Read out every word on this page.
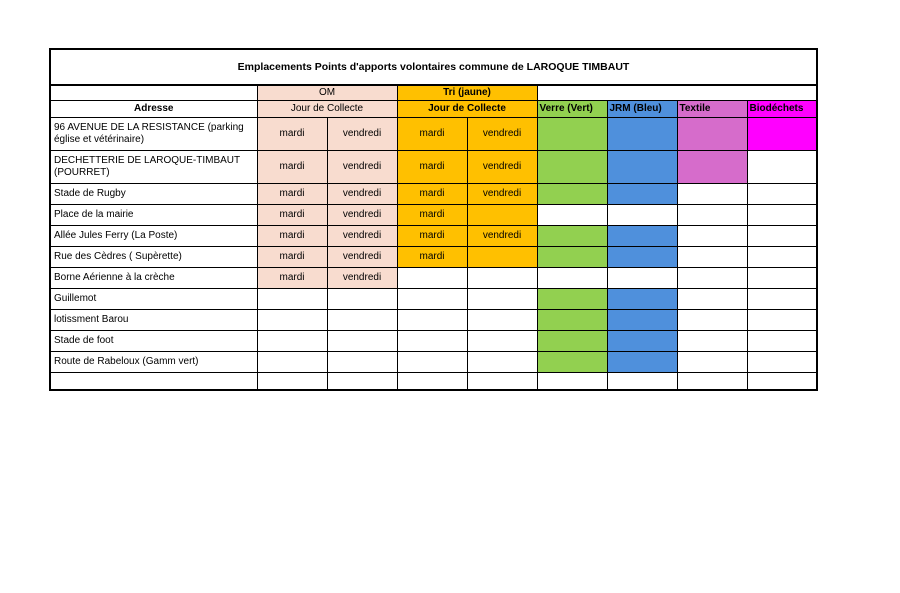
Emplacements Points d'apports volontaires commune de LAROQUE TIMBAUT								
	OM		Tri (jaune)					
Adresse	Jour de Collecte		Jour de Collecte		Verre (Vert)	JRM (Bleu)	Textile	Biodéchets
96 AVENUE DE LA RESISTANCE (parking église et vétérinaire)	mardi	vendredi	mardi	vendredi				
DECHETTERIE DE LAROQUE-TIMBAUT (POURRET)	mardi	vendredi	mardi	vendredi				
Stade de Rugby	mardi	vendredi	mardi	vendredi				
Place de la mairie	mardi	vendredi	mardi					
Allée Jules Ferry (La Poste)	mardi	vendredi	mardi	vendredi				
Rue des Cèdres ( Supèrette)	mardi	vendredi	mardi					
Borne Aérienne à la crèche	mardi	vendredi						
Guillemot								
lotissment Barou								
Stade de foot								
Route de Rabeloux (Gamm vert)								
